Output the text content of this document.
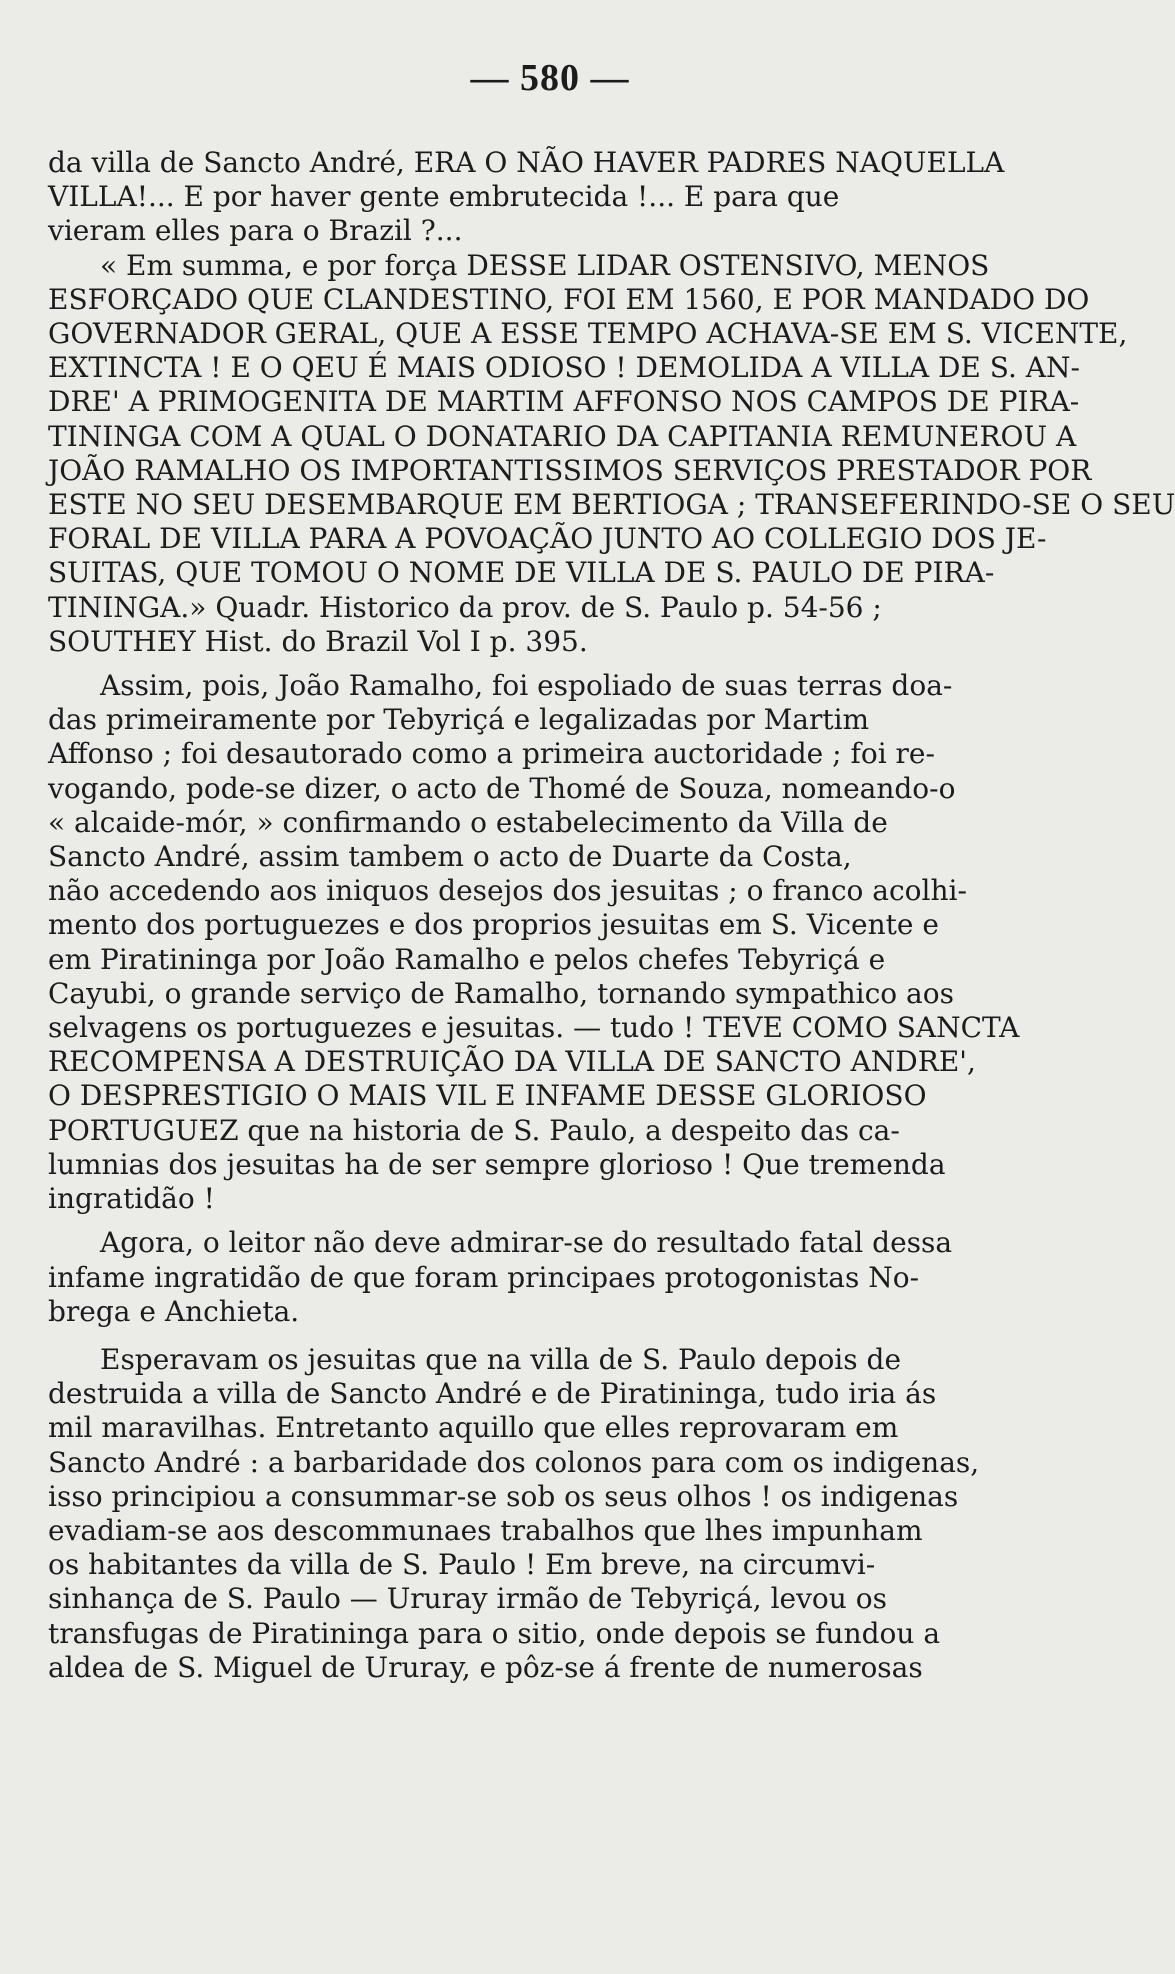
— 580 —
da villa de Sancto André, ERA O NÃO HAVER PADRES NAQUELLA
VILLA!... E por haver gente embrutecida !... E para que
vieram elles para o Brazil ?...
« Em summa, e por força DESSE LIDAR OSTENSIVO, MENOS
ESFORÇADO QUE CLANDESTINO, FOI EM 1560, E POR MANDADO DO
GOVERNADOR GERAL, QUE A ESSE TEMPO ACHAVA-SE EM S. VICENTE,
EXTINCTA ! E O QEU É MAIS ODIOSO ! DEMOLIDA A VILLA DE S. AN-
DRE' A PRIMOGENITA DE MARTIM AFFONSO NOS CAMPOS DE PIRA-
TININGA COM A QUAL O DONATARIO DA CAPITANIA REMUNEROU A
JOÃO RAMALHO OS IMPORTANTISSIMOS SERVIÇOS PRESTADOR POR
ESTE NO SEU DESEMBARQUE EM BERTIOGA ; TRANSEFERINDO-SE O SEU
FORAL DE VILLA PARA A POVOAÇÃO JUNTO AO COLLEGIO DOS JE-
SUITAS, QUE TOMOU O NOME DE VILLA DE S. PAULO DE PIRA-
TININGA.» Quadr. Historico da prov. de S. Paulo p. 54-56 ;
SOUTHEY Hist. do Brazil Vol I p. 395.
Assim, pois, João Ramalho, foi espoliado de suas terras doa-
das primeiramente por Tebyriçá e legalizadas por Martim
Affonso ; foi desautorado como a primeira auctoridade ; foi re-
vogando, pode-se dizer, o acto de Thomé de Souza, nomeando-o
« alcaide-mór, » confirmando o estabelecimento da Villa de
Sancto André, assim tambem o acto de Duarte da Costa,
não accedendo aos iniquos desejos dos jesuitas ; o franco acolhi-
mento dos portuguezes e dos proprios jesuitas em S. Vicente e
em Piratininga por João Ramalho e pelos chefes Tebyriçá e
Cayubi, o grande serviço de Ramalho, tornando sympathico aos
selvagens os portuguezes e jesuitas. — tudo ! TEVE COMO SANCTA
RECOMPENSA A DESTRUIÇÃO DA VILLA DE SANCTO ANDRE',
O DESPRESTIGIO O MAIS VIL E INFAME DESSE GLORIOSO
PORTUGUEZ que na historia de S. Paulo, a despeito das ca-
lumnias dos jesuitas ha de ser sempre glorioso ! Que tremenda
ingratidão !
Agora, o leitor não deve admirar-se do resultado fatal dessa
infame ingratidão de que foram principaes protogonistas No-
brega e Anchieta.
Esperavam os jesuitas que na villa de S. Paulo depois de
destruida a villa de Sancto André e de Piratininga, tudo iria ás
mil maravilhas. Entretanto aquillo que elles reprovaram em
Sancto André : a barbaridade dos colonos para com os indigenas,
isso principiou a consummar-se sob os seus olhos ! os indigenas
evadiam-se aos descommunaes trabalhos que lhes impunham
os habitantes da villa de S. Paulo ! Em breve, na circumvi-
sinhança de S. Paulo — Ururay irmão de Tebyriçá, levou os
transfugas de Piratininga para o sitio, onde depois se fundou a
aldea de S. Miguel de Ururay, e pôz-se á frente de numerosas
